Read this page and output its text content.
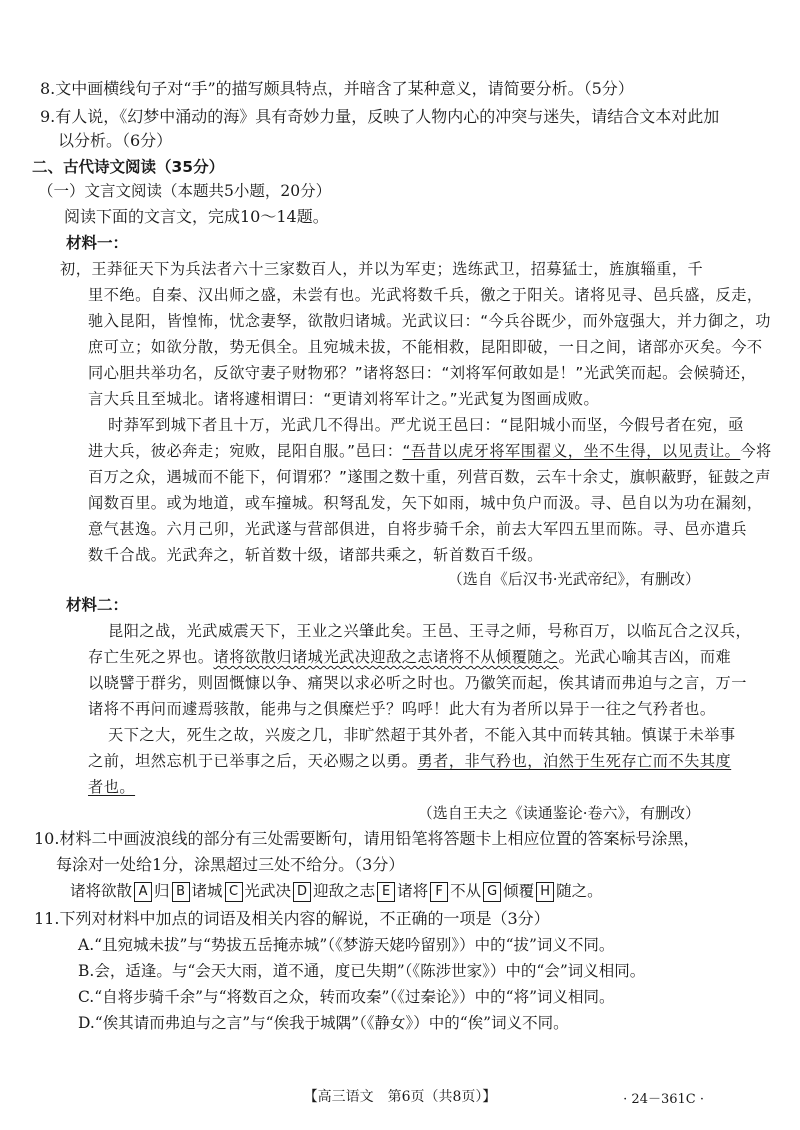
8.文中画横线句子对“手”的描写颇具特点，并暗含了某种意义，请简要分析。（5分）
9.有人说，《幻梦中涌动的海》具有奇妙力量，反映了人物内心的冲突与迷失，请结合文本对此加
以分析。（6分）
二、古代诗文阅读（35分）
（一）文言文阅读（本题共5小题，20分）
阅读下面的文言文，完成10～14题。
材料一：
初，王莽征天下为兵法者六十三家数百人，并以为军吏；选练武卫，招募猛士，旌旗辎重，千
里不绝。自秦、汉出师之盛，未尝有也。光武将数千兵，徼之于阳关。诸将见寻、邑兵盛，反走，
驰入昆阳，皆惶怖，忧念妻孥，欲散归诸城。光武议曰：“今兵谷既少，而外寇强大，并力御之，功
庶可立；如欲分散，势无俱全。且宛城未拔，不能相救，昆阳即破，一日之间，诸部亦灭矣。今不
同心胆共举功名，反欲守妻子财物邪？”诸将怒曰：“刘将军何敢如是！”光武笑而起。会候骑还，
言大兵且至城北。诸将遽相谓曰：“更请刘将军计之。”光武复为图画成败。
时莽军到城下者且十万，光武几不得出。严尤说王邑曰：“昆阳城小而坚，今假号者在宛，亟
进大兵，彼必奔走；宛败，昆阳自服。”邑曰：“吾昔以虎牙将军围翟义，坐不生得，以见责让。今将
百万之众，遇城而不能下，何谓邪？”遂围之数十重，列营百数，云车十余丈，旗帜蔽野，钲鼓之声
闻数百里。或为地道，或车撞城。积弩乱发，矢下如雨，城中负户而汲。寻、邑自以为功在漏刻，
意气甚逸。六月己卯，光武遂与营部俱进，自将步骑千余，前去大军四五里而陈。寻、邑亦遣兵
数千合战。光武奔之，斩首数十级，诸部共乘之，斩首数百千级。
（选自《后汉书·光武帝纪》，有删改）
材料二：
昆阳之战，光武威震天下，王业之兴肇此矣。王邑、王寻之师，号称百万，以临瓦合之汉兵，
存亡生死之界也。诸将欲散归诸城光武决迎敌之志诸将不从倾覆随之。光武心喻其吉凶，而难
以晓譬于群劣，则固慨慷以争、痛哭以求必听之时也。乃徽笑而起，俟其请而弗迫与之言，万一
诸将不再问而遽焉骇散，能弗与之俱糜烂乎？呜呼！此大有为者所以异于一往之气矜者也。
天下之大，死生之故，兴废之几，非旷然超于其外者，不能入其中而转其轴。慎谋于未举事
之前，坦然忘机于已举事之后，天必赐之以勇。勇者，非气矜也，泊然于生死存亡而不失其度
者也。
（选自王夫之《读通鉴论·卷六》，有删改）
10.材料二中画波浪线的部分有三处需要断句，请用铅笔将答题卡上相应位置的答案标号涂黑，
每涂对一处给1分，涂黑超过三处不给分。（3分）
诸将欲散 A 归 B 诸城 C 光武决 D 迎敌之志 E 诸将 F 不从 G 倾覆 H 随之。
11.下列对材料中加点的词语及相关内容的解说，不正确的一项是（3分）
A.“且宛城未拔”与“势拔五岳掩赤城”（《梦游天姥吟留别》）中的“拔”词义不同。
B.会，适逢。与“会天大雨，道不通，度已失期”（《陈涉世家》）中的“会”词义相同。
C.“自将步骑千余”与“将数百之众，转而攻秦”（《过秦论》）中的“将”词义相同。
D.“俟其请而弗迫与之言”与“俟我于城隅”（《静女》）中的“俟”词义不同。
【高三语文　第6页（共8页）】	· 24－361C ·
